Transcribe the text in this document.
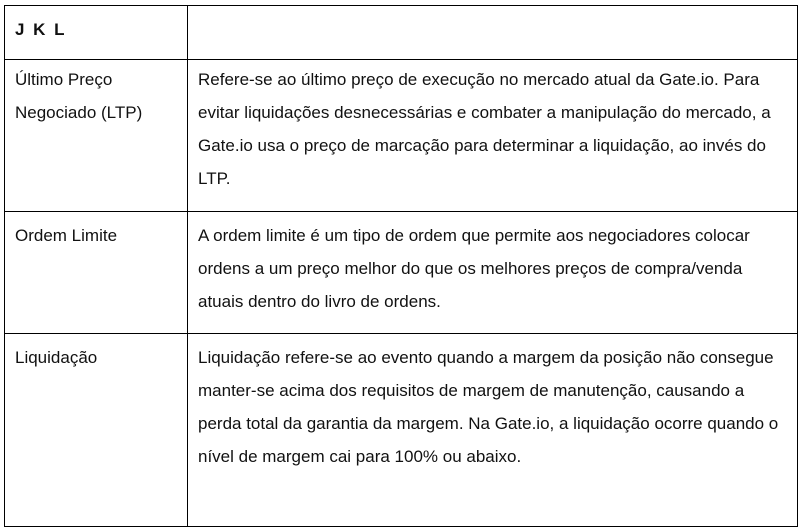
J K L	
Último Preço Negociado (LTP)	Refere-se ao último preço de execução no mercado atual da Gate.io. Para evitar liquidações desnecessárias e combater a manipulação do mercado, a Gate.io usa o preço de marcação para determinar a liquidação, ao invés do LTP.
Ordem Limite	A ordem limite é um tipo de ordem que permite aos negociadores colocar ordens a um preço melhor do que os melhores preços de compra/venda atuais dentro do livro de ordens.
Liquidação	Liquidação refere-se ao evento quando a margem da posição não consegue manter-se acima dos requisitos de margem de manutenção, causando a perda total da garantia da margem. Na Gate.io, a liquidação ocorre quando o nível de margem cai para 100% ou abaixo.
